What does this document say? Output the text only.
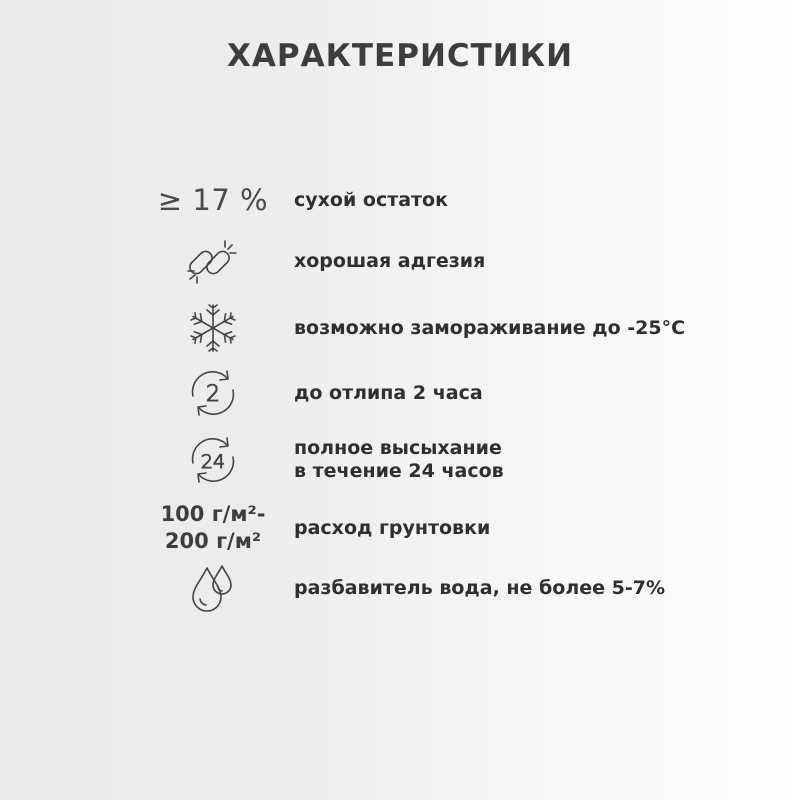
ХАРАКТЕРИСТИКИ
≥ 17 % сухой остаток
хорошая адгезия
возможно замораживание до -25°C
2	до отлипа 2 часа
24
полное высыхание
в течение 24 часов
100 г/м²-
200 г/м²
расход грунтовки
разбавитель вода, не более 5-7%
